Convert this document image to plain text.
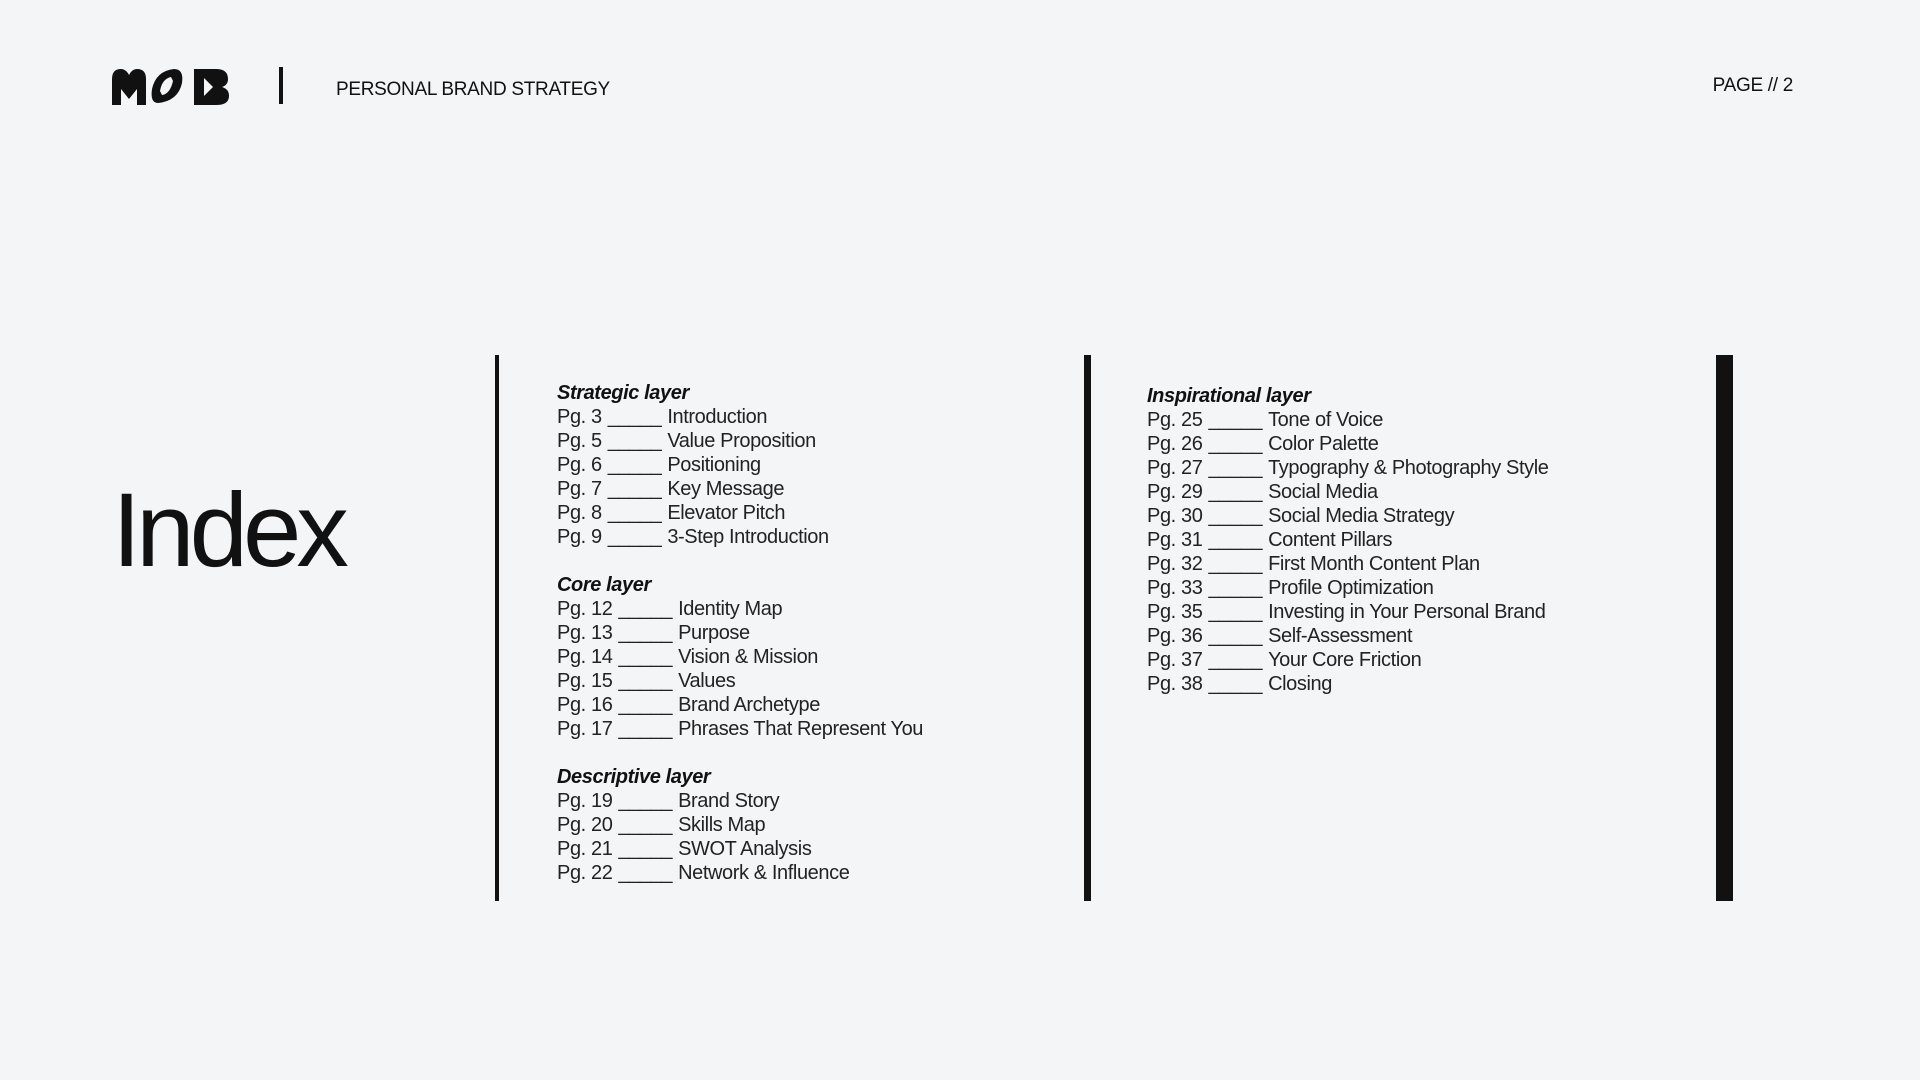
PERSONAL BRAND STRATEGY	PAGE // 2
Index
Strategic layer
Pg. 3 _____ Introduction
Pg. 5 _____ Value Proposition
Pg. 6 _____ Positioning
Pg. 7 _____ Key Message
Pg. 8 _____ Elevator Pitch
Pg. 9 _____ 3-Step Introduction
Core layer
Pg. 12 _____ Identity Map
Pg. 13 _____ Purpose
Pg. 14 _____ Vision & Mission
Pg. 15 _____ Values
Pg. 16 _____ Brand Archetype
Pg. 17 _____ Phrases That Represent You
Descriptive layer
Pg. 19 _____ Brand Story
Pg. 20 _____ Skills Map
Pg. 21 _____ SWOT Analysis
Pg. 22 _____ Network & Influence
Inspirational layer
Pg. 25 _____ Tone of Voice
Pg. 26 _____ Color Palette
Pg. 27 _____ Typography & Photography Style
Pg. 29 _____ Social Media
Pg. 30 _____ Social Media Strategy
Pg. 31 _____ Content Pillars
Pg. 32 _____ First Month Content Plan
Pg. 33 _____ Profile Optimization
Pg. 35 _____ Investing in Your Personal Brand
Pg. 36 _____ Self-Assessment
Pg. 37 _____ Your Core Friction
Pg. 38 _____ Closing
